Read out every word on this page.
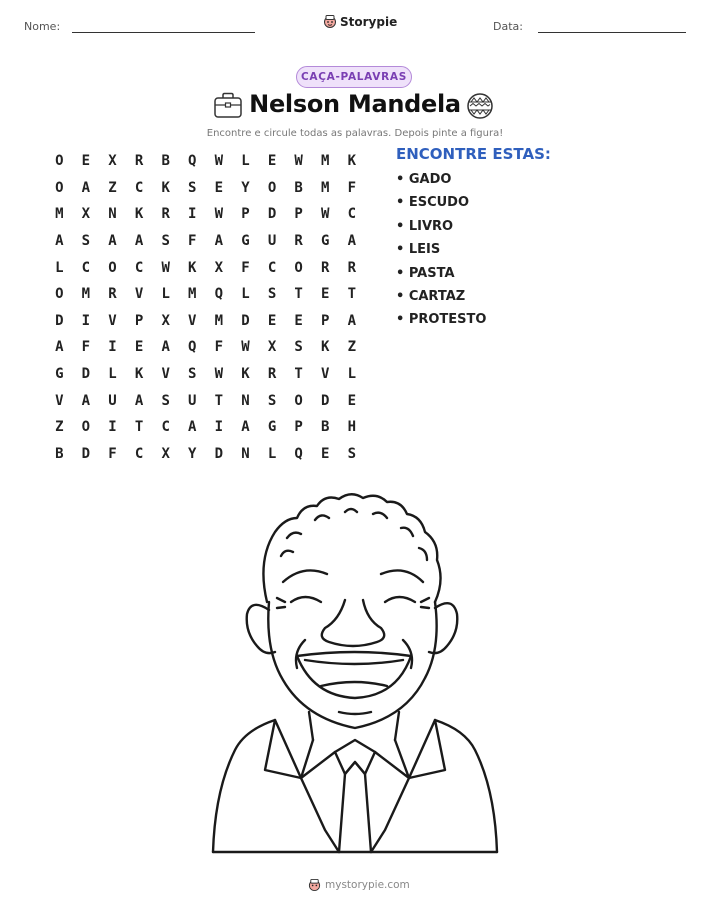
Nome:	Storypie	Data:
CAÇA-PALAVRAS
Nelson Mandela
Encontre e circule todas as palavras. Depois pinte a figura!
O	E	X	R	B	Q	W	L	E	W	M	K
O	A	Z	C	K	S	E	Y	O	B	M	F
M	X	N	K	R	I	W	P	D	P	W	C
A	S	A	A	S	F	A	G	U	R	G	A
L	C	O	C	W	K	X	F	C	O	R	R
O	M	R	V	L	M	Q	L	S	T	E	T
D	I	V	P	X	V	M	D	E	E	P	A
A	F	I	E	A	Q	F	W	X	S	K	Z
G	D	L	K	V	S	W	K	R	T	V	L
V	A	U	A	S	U	T	N	S	O	D	E
Z	O	I	T	C	A	I	A	G	P	B	H
B	D	F	C	X	Y	D	N	L	Q	E	S
ENCONTRE ESTAS:
• GADO
• ESCUDO
• LIVRO
• LEIS
• PASTA
• CARTAZ
• PROTESTO
mystorypie.com
